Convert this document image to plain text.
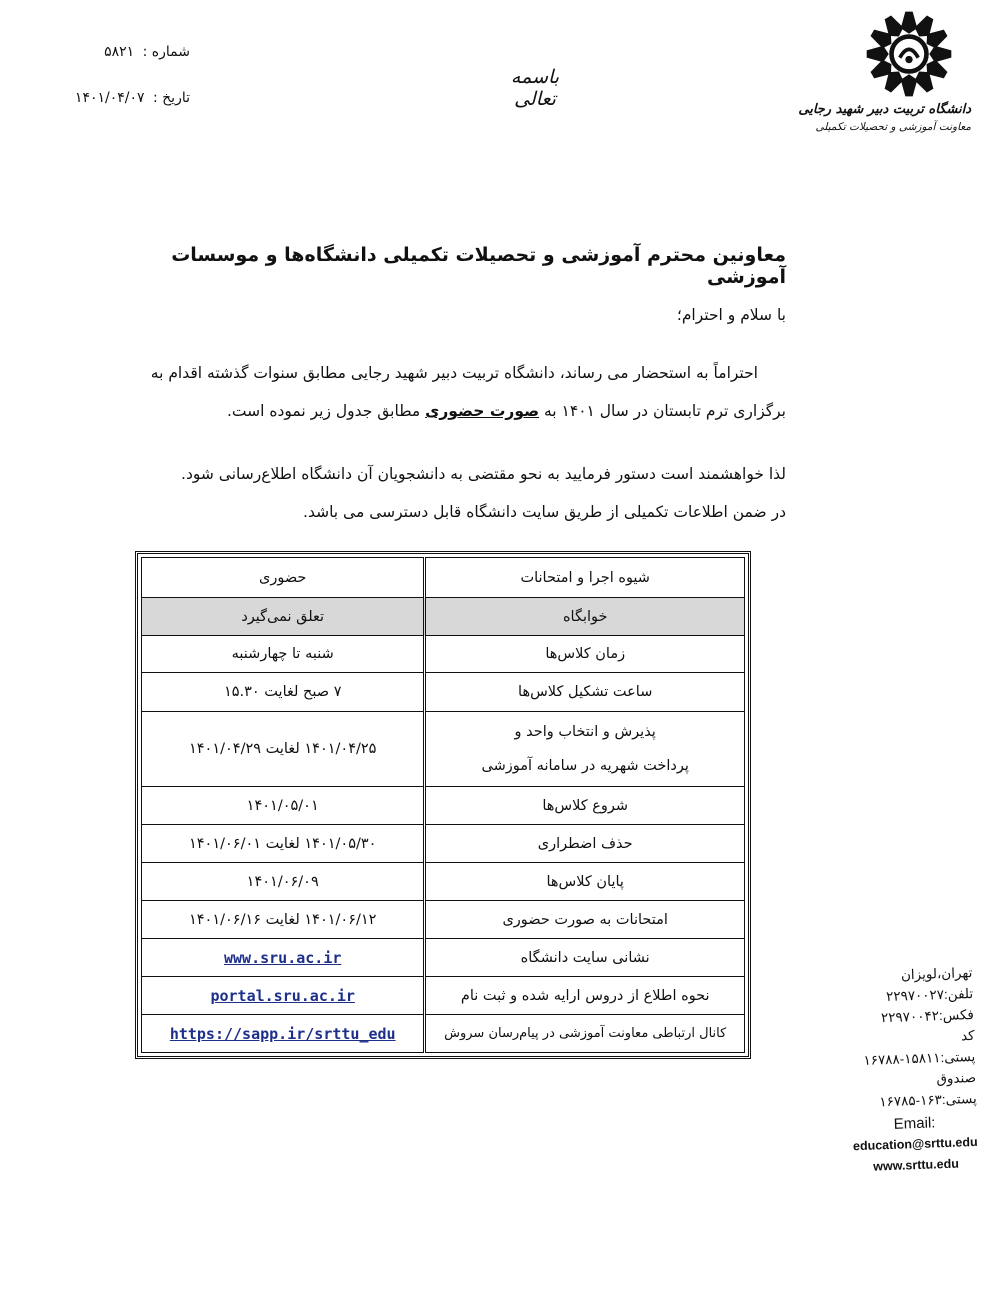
شماره : ۵۸۲۱
تاریخ : ۱۴۰۱/۰۴/۰۷
باسمه تعالی	دانشگاه تربیت دبیر شهید رجایی
معاونت آموزشی و تحصیلات تکمیلی
معاونین محترم آموزشی و تحصیلات تکمیلی دانشگاه‌ها و موسسات آموزشی
با سلام و احترام؛
احتراماً به استحضار می رساند، دانشگاه تربیت دبیر شهید رجایی مطابق سنوات گذشته اقدام به برگزاری ترم تابستان در سال ۱۴۰۱ به صورت حضوری مطابق جدول زیر نموده است.
لذا خواهشمند است دستور فرمایید به نحو مقتضی به دانشجویان آن دانشگاه اطلاع‌رسانی شود.
در ضمن اطلاعات تکمیلی از طریق سایت دانشگاه قابل دسترسی می باشد.
شیوه اجرا و امتحانات	حضوری
خوابگاه	تعلق نمی‌گیرد
زمان کلاس‌ها	شنبه تا چهارشنبه
ساعت تشکیل کلاس‌ها	۷ صبح لغایت ۱۵.۳۰

پذیرش و انتخاب واحد و
پرداخت شهریه در سامانه آموزشی	۱۴۰۱/۰۴/۲۵ لغایت ۱۴۰۱/۰۴/۲۹
شروع کلاس‌ها	۱۴۰۱/۰۵/۰۱
حذف اضطراری	۱۴۰۱/۰۵/۳۰ لغایت ۱۴۰۱/۰۶/۰۱
پایان کلاس‌ها	۱۴۰۱/۰۶/۰۹
امتحانات به صورت حضوری	۱۴۰۱/۰۶/۱۲ لغایت ۱۴۰۱/۰۶/۱۶
نشانی سایت دانشگاه	www.sru.ac.ir
نحوه اطلاع از دروس ارایه شده و ثبت نام	portal.sru.ac.ir
کانال ارتباطی معاونت آموزشی در پیام‌رسان سروش	https://sapp.ir/srttu_edu
تهران،لویزان
تلفن:۲۲۹۷۰۰۲۷
فکس:۲۲۹۷۰۰۴۲
کد پستی:۱۵۸۱۱-۱۶۷۸۸
صندوق پستی:۱۶۳-۱۶۷۸۵
Email:
education@srttu.edu
www.srttu.edu
